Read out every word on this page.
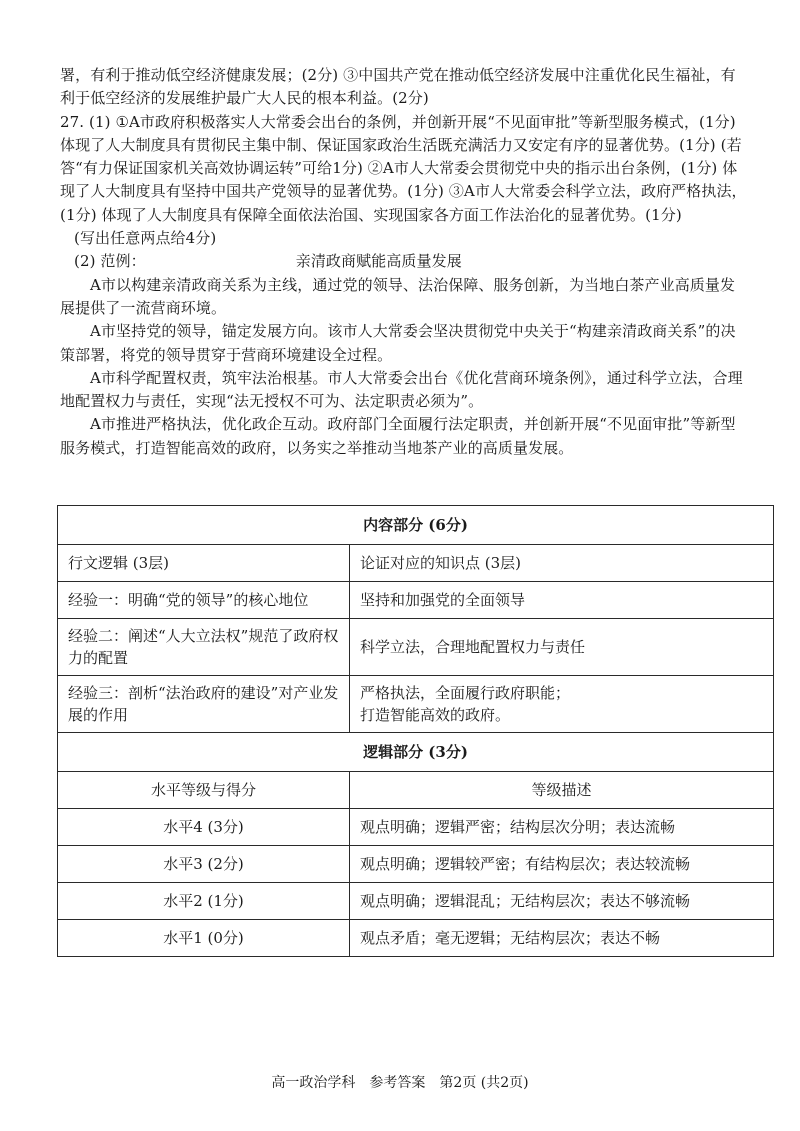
署，有利于推动低空经济健康发展；(2分) ③中国共产党在推动低空经济发展中注重优化民生福祉，有利于低空经济的发展维护最广大人民的根本利益。(2分)

27. (1) ①A市政府积极落实人大常委会出台的条例，并创新开展“不见面审批”等新型服务模式，(1分) 体现了人大制度具有贯彻民主集中制、保证国家政治生活既充满活力又安定有序的显著优势。(1分) (若答“有力保证国家机关高效协调运转”可给1分) ②A市人大常委会贯彻党中央的指示出台条例，(1分) 体现了人大制度具有坚持中国共产党领导的显著优势。(1分) ③A市人大常委会科学立法，政府严格执法，(1分) 体现了人大制度具有保障全面依法治国、实现国家各方面工作法治化的显著优势。(1分)

(写出任意两点给4分)

(2) 范例：	亲清政商赋能高质量发展

A市以构建亲清政商关系为主线，通过党的领导、法治保障、服务创新，为当地白茶产业高质量发展提供了一流营商环境。

A市坚持党的领导，锚定发展方向。该市人大常委会坚决贯彻党中央关于“构建亲清政商关系”的决策部署，将党的领导贯穿于营商环境建设全过程。

A市科学配置权责，筑牢法治根基。市人大常委会出台《优化营商环境条例》，通过科学立法，合理地配置权力与责任，实现“法无授权不可为、法定职责必须为”。

A市推进严格执法，优化政企互动。政府部门全面履行法定职责，并创新开展“不见面审批”等新型服务模式，打造智能高效的政府，以务实之举推动当地茶产业的高质量发展。

内容部分 (6分)	
行文逻辑 (3层)	论证对应的知识点 (3层)
经验一：明确“党的领导”的核心地位	坚持和加强党的全面领导
经验二：阐述“人大立法权”规范了政府权力的配置	科学立法，合理地配置权力与责任
经验三：剖析“法治政府的建设”对产业发展的作用	严格执法，全面履行政府职能；
打造智能高效的政府。

逻辑部分 (3分)	
水平等级与得分	等级描述
水平4 (3分)	观点明确；逻辑严密；结构层次分明；表达流畅
水平3 (2分)	观点明确；逻辑较严密；有结构层次；表达较流畅
水平2 (1分)	观点明确；逻辑混乱；无结构层次；表达不够流畅
水平1 (0分)	观点矛盾；毫无逻辑；无结构层次；表达不畅
高一政治学科　参考答案　第2页 (共2页)
